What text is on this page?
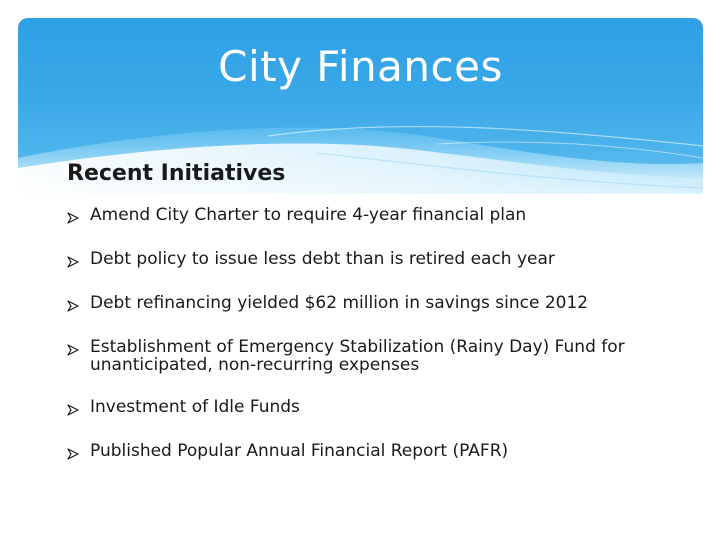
City Finances
Recent Initiatives
Amend City Charter to require 4-year financial plan
Debt policy to issue less debt than is retired each year
Debt refinancing yielded $62 million in savings since 2012
Establishment of Emergency Stabilization (Rainy Day) Fund for unanticipated, non-recurring expenses
Investment of Idle Funds
Published Popular Annual Financial Report (PAFR)
